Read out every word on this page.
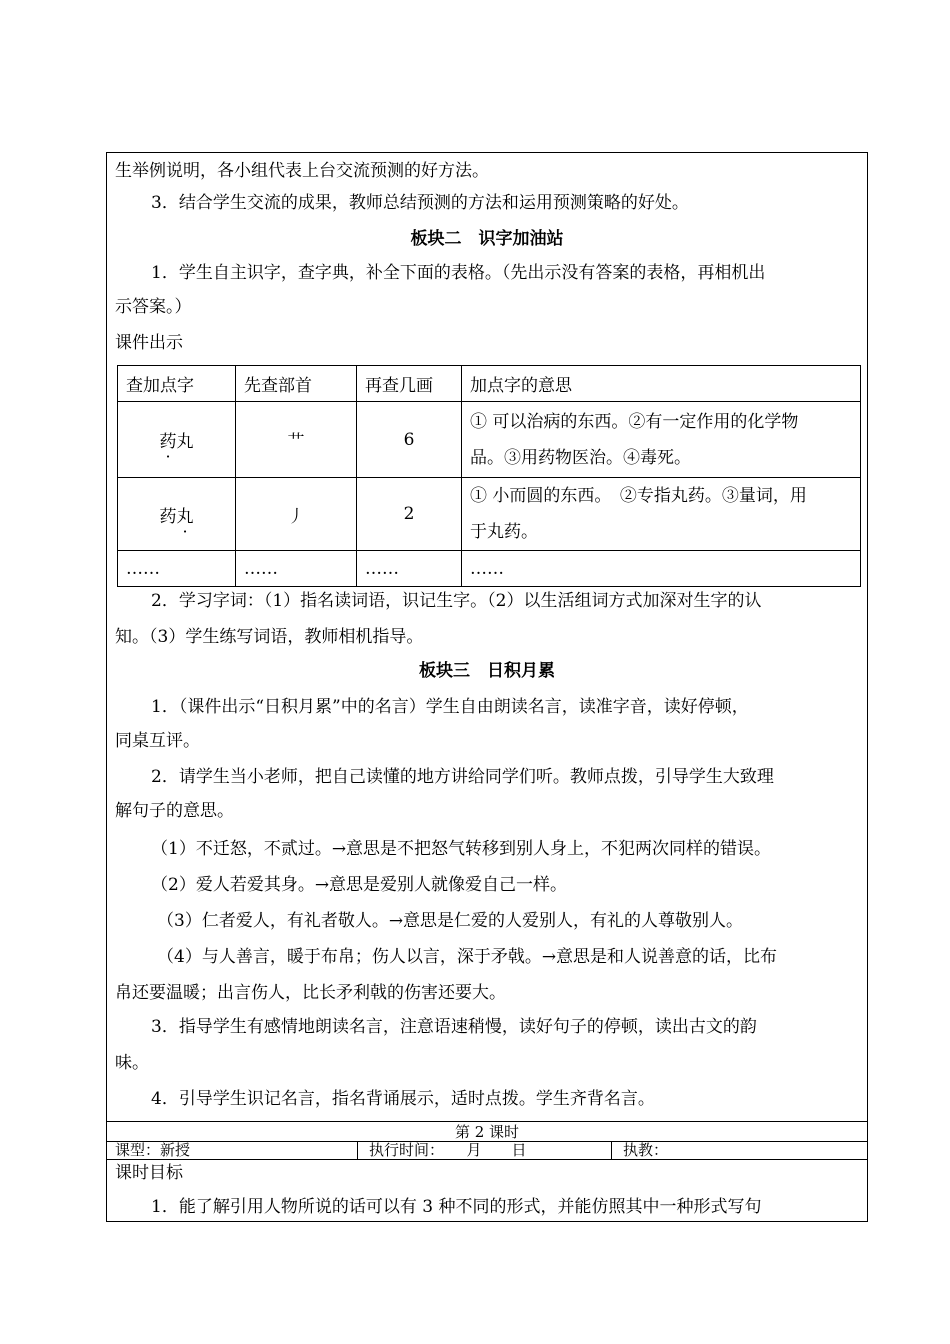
生举例说明，各小组代表上台交流预测的好方法。
3．结合学生交流的成果，教师总结预测的方法和运用预测策略的好处。
板块二　识字加油站
1．学生自主识字，查字典，补全下面的表格。（先出示没有答案的表格，再相机出
示答案。）
课件出示
查加点字	先查部首	再查几画	加点字的意思
药丸	艹	6	① 可以治病的东西。②有一定作用的化学物
品。③用药物医治。④毒死。

药丸	丿	2	① 小而圆的东西。　②专指丸药。③量词，用
于丸药。

……	……	……	……
2．学习字词：（1）指名读词语，识记生字。（2）以生活组词方式加深对生字的认
知。（3）学生练写词语，教师相机指导。
板块三　日积月累
1．（课件出示“日积月累”中的名言）学生自由朗读名言，读准字音，读好停顿，
同桌互评。
2．请学生当小老师，把自己读懂的地方讲给同学们听。教师点拨，引导学生大致理
解句子的意思。
（1）不迁怒，不贰过。→意思是不把怒气转移到别人身上，不犯两次同样的错误。
（2）爱人若爱其身。→意思是爱别人就像爱自己一样。
（3）仁者爱人，有礼者敬人。→意思是仁爱的人爱别人，有礼的人尊敬别人。
（4）与人善言，暖于布帛；伤人以言，深于矛戟。→意思是和人说善意的话，比布
帛还要温暖；出言伤人，比长矛利戟的伤害还要大。
3．指导学生有感情地朗读名言，注意语速稍慢，读好句子的停顿，读出古文的韵
味。
4．引导学生识记名言，指名背诵展示，适时点拨。学生齐背名言。
第 2 课时
课型：新授	执行时间：　　月　　日	执教：
课时目标
1．能了解引用人物所说的话可以有 3 种不同的形式，并能仿照其中一种形式写句
